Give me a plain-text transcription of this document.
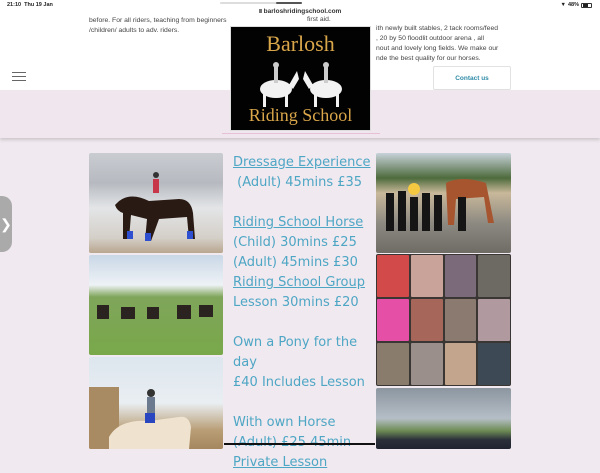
21:10 Thu 19 Jan	▼ 48%
barloshridingschool.com
before. For all riders, teaching from beginners /children/ adults to adv. riders.
first aid.
ith newly built stables, 2 tack rooms/feed
, 20 by 50 floodlit outdoor arena , all
nout and lovely long fields. We make our
nde the best quality for our horses.
Contact us
Barlosh
Riding School
❯
Dressage Experience
(Adult) 45mins £35
Riding School Horse
(Child) 30mins £25
(Adult) 45mins £30
Riding School Group
Lesson 30mins £20
Own a Pony for the day
£40 Includes Lesson
With own Horse
Private Lesson
